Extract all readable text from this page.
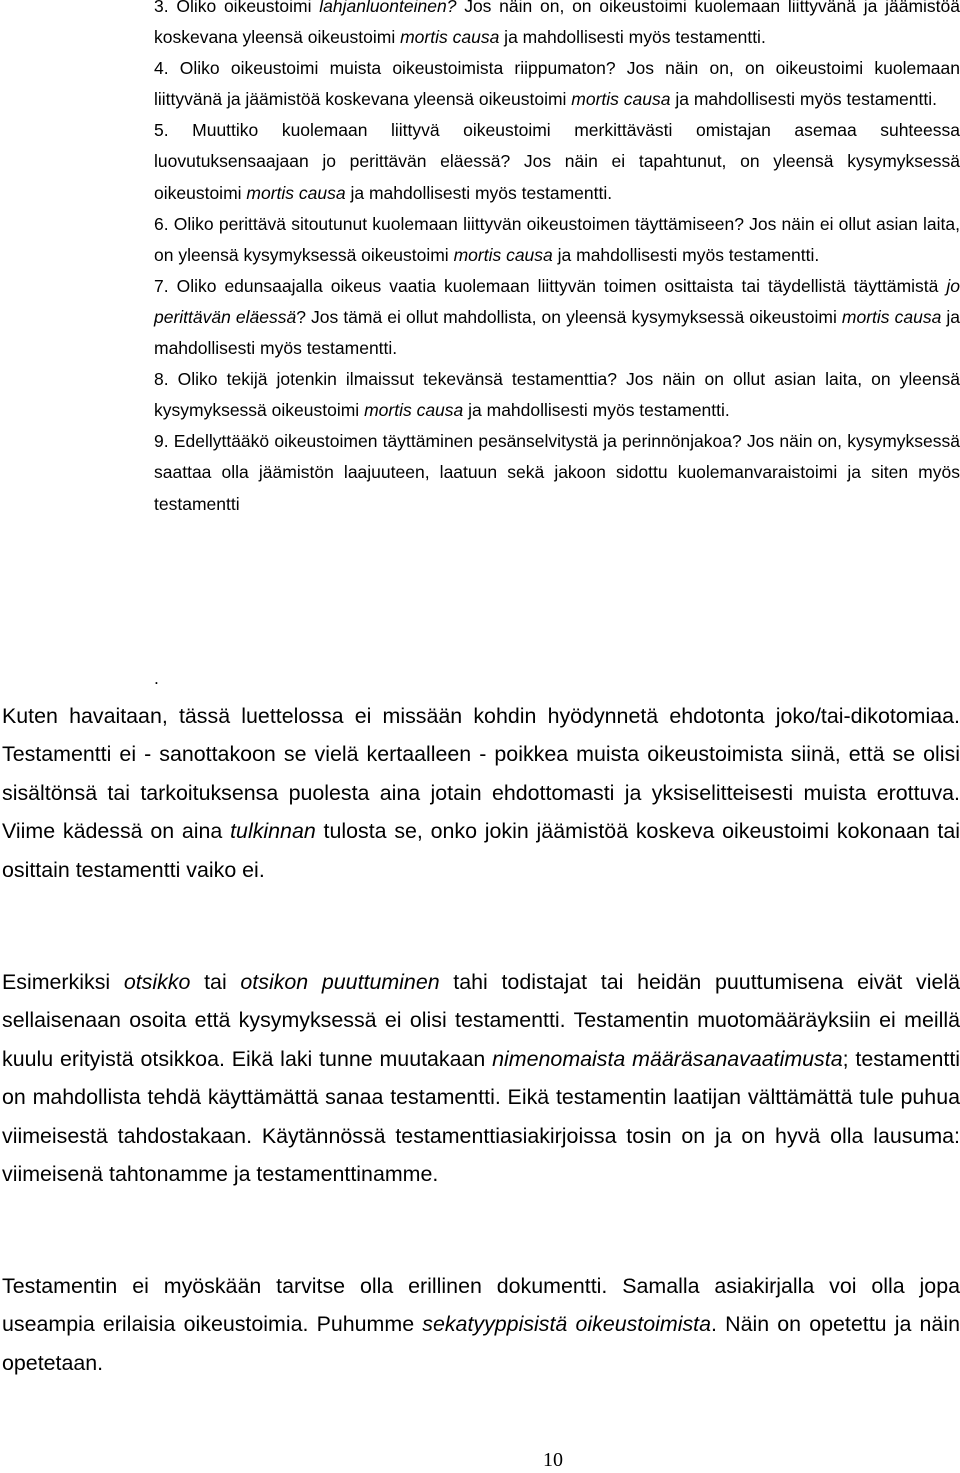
3. Oliko oikeustoimi lahjanluonteinen? Jos näin on, on oikeustoimi kuolemaan liittyvänä ja jäämistöä koskevana yleensä oikeustoimi mortis causa ja mahdollisesti myös testamentti.

4. Oliko oikeustoimi muista oikeustoimista riippumaton? Jos näin on, on oikeustoimi kuolemaan liittyvänä ja jäämistöä koskevana yleensä oikeustoimi mortis causa ja mahdollisesti myös testamentti.

5. Muuttiko kuolemaan liittyvä oikeustoimi merkittävästi omistajan asemaa suhteessa luovutuksensaajaan jo perittävän eläessä? Jos näin ei tapahtunut, on yleensä kysymyksessä oikeustoimi mortis causa ja mahdollisesti myös testamentti.

6. Oliko perittävä sitoutunut kuolemaan liittyvän oikeustoimen täyttämiseen? Jos näin ei ollut asian laita, on yleensä kysymyksessä oikeustoimi mortis causa ja mahdollisesti myös testamentti.

7. Oliko edunsaajalla oikeus vaatia kuolemaan liittyvän toimen osittaista tai täydellistä täyttämistä jo perittävän eläessä? Jos tämä ei ollut mahdollista, on yleensä kysymyksessä oikeustoimi mortis causa ja mahdollisesti myös testamentti.

8. Oliko tekijä jotenkin ilmaissut tekevänsä testamenttia? Jos näin on ollut asian laita, on yleensä kysymyksessä oikeustoimi mortis causa ja mahdollisesti myös testamentti.

9. Edellyttääkö oikeustoimen täyttäminen pesänselvitystä ja perinnönjakoa? Jos näin on, kysymyksessä saattaa olla jäämistön laajuuteen, laatuun sekä jakoon sidottu kuolemanvaraistoimi ja siten myös testamentti

.

Kuten havaitaan, tässä luettelossa ei missään kohdin hyödynnetä ehdotonta joko/tai-dikotomiaa. Testamentti ei - sanottakoon se vielä kertaalleen - poikkea muista oikeustoimista siinä, että se olisi sisältönsä tai tarkoituksensa puolesta aina jotain ehdottomasti ja yksiselitteisesti muista erottuva. Viime kädessä on aina tulkinnan tulosta se, onko jokin jäämistöä koskeva oikeustoimi kokonaan tai osittain testamentti vaiko ei.

Esimerkiksi otsikko tai otsikon puuttuminen tahi todistajat tai heidän puuttumisena eivät vielä sellaisenaan osoita että kysymyksessä ei olisi testamentti. Testamentin muotomääräyksiin ei meillä kuulu erityistä otsikkoa. Eikä laki tunne muutakaan nimenomaista määräsanavaatimusta; testamentti on mahdollista tehdä käyttämättä sanaa testamentti. Eikä testamentin laatijan välttämättä tule puhua viimeisestä tahdostakaan. Käytännössä testamenttiasiakirjoissa tosin on ja on hyvä olla lausuma: viimeisenä tahtonamme ja testamenttinamme.

Testamentin ei myöskään tarvitse olla erillinen dokumentti. Samalla asiakirjalla voi olla jopa useampia erilaisia oikeustoimia. Puhumme sekatyyppisistä oikeustoimista. Näin on opetettu ja näin opetetaan.

10
